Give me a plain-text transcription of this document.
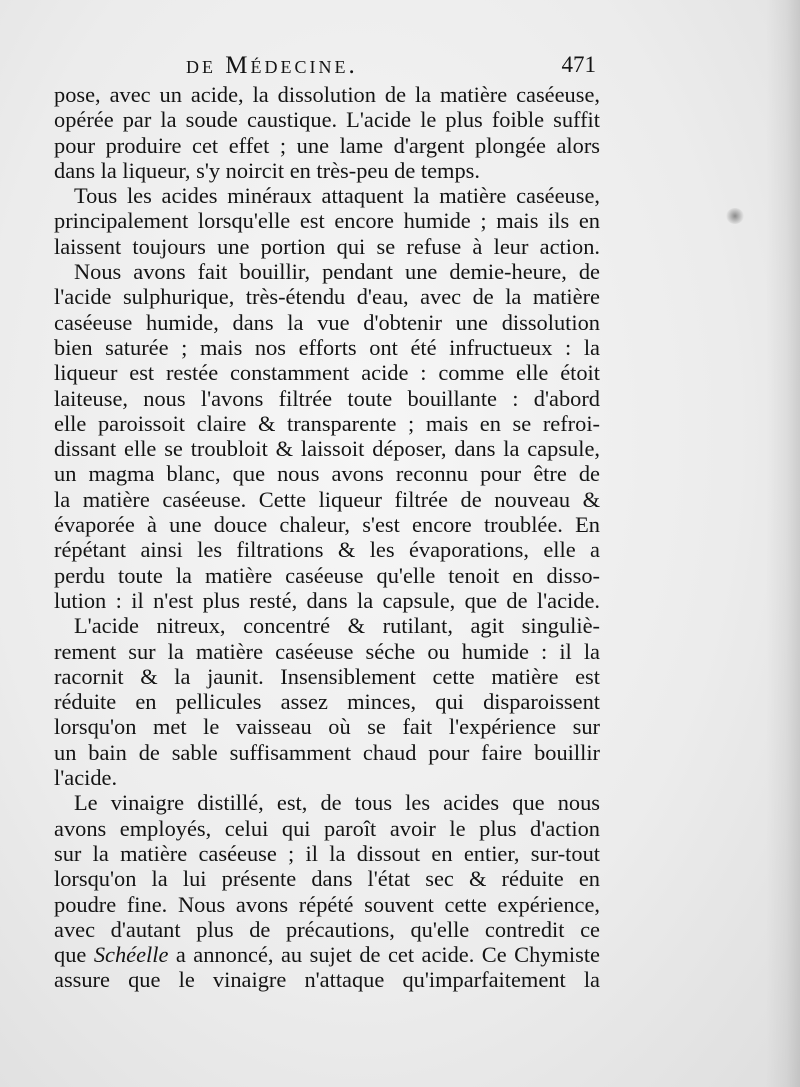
de Médecine.	471
pose, avec un acide, la dissolution de la matière caséeuse,
opérée par la soude caustique. L'acide le plus foible suffit
pour produire cet effet ; une lame d'argent plongée alors
dans la liqueur, s'y noircit en très-peu de temps.
Tous les acides minéraux attaquent la matière caséeuse,
principalement lorsqu'elle est encore humide ; mais ils en
laissent toujours une portion qui se refuse à leur action.
Nous avons fait bouillir, pendant une demie-heure, de
l'acide sulphurique, très-étendu d'eau, avec de la matière
caséeuse humide, dans la vue d'obtenir une dissolution
bien saturée ; mais nos efforts ont été infructueux : la
liqueur est restée constamment acide : comme elle étoit
laiteuse, nous l'avons filtrée toute bouillante : d'abord
elle paroissoit claire & transparente ; mais en se refroi-
dissant elle se troubloit & laissoit déposer, dans la capsule,
un magma blanc, que nous avons reconnu pour être de
la matière caséeuse. Cette liqueur filtrée de nouveau &
évaporée à une douce chaleur, s'est encore troublée. En
répétant ainsi les filtrations & les évaporations, elle a
perdu toute la matière caséeuse qu'elle tenoit en disso-
lution : il n'est plus resté, dans la capsule, que de l'acide.
L'acide nitreux, concentré & rutilant, agit singuliè-
rement sur la matière caséeuse séche ou humide : il la
racornit & la jaunit. Insensiblement cette matière est
réduite en pellicules assez minces, qui disparoissent
lorsqu'on met le vaisseau où se fait l'expérience sur
un bain de sable suffisamment chaud pour faire bouillir
l'acide.
Le vinaigre distillé, est, de tous les acides que nous
avons employés, celui qui paroît avoir le plus d'action
sur la matière caséeuse ; il la dissout en entier, sur-tout
lorsqu'on la lui présente dans l'état sec & réduite en
poudre fine. Nous avons répété souvent cette expérience,
avec d'autant plus de précautions, qu'elle contredit ce
que Schéelle a annoncé, au sujet de cet acide. Ce Chymiste
assure que le vinaigre n'attaque qu'imparfaitement la
